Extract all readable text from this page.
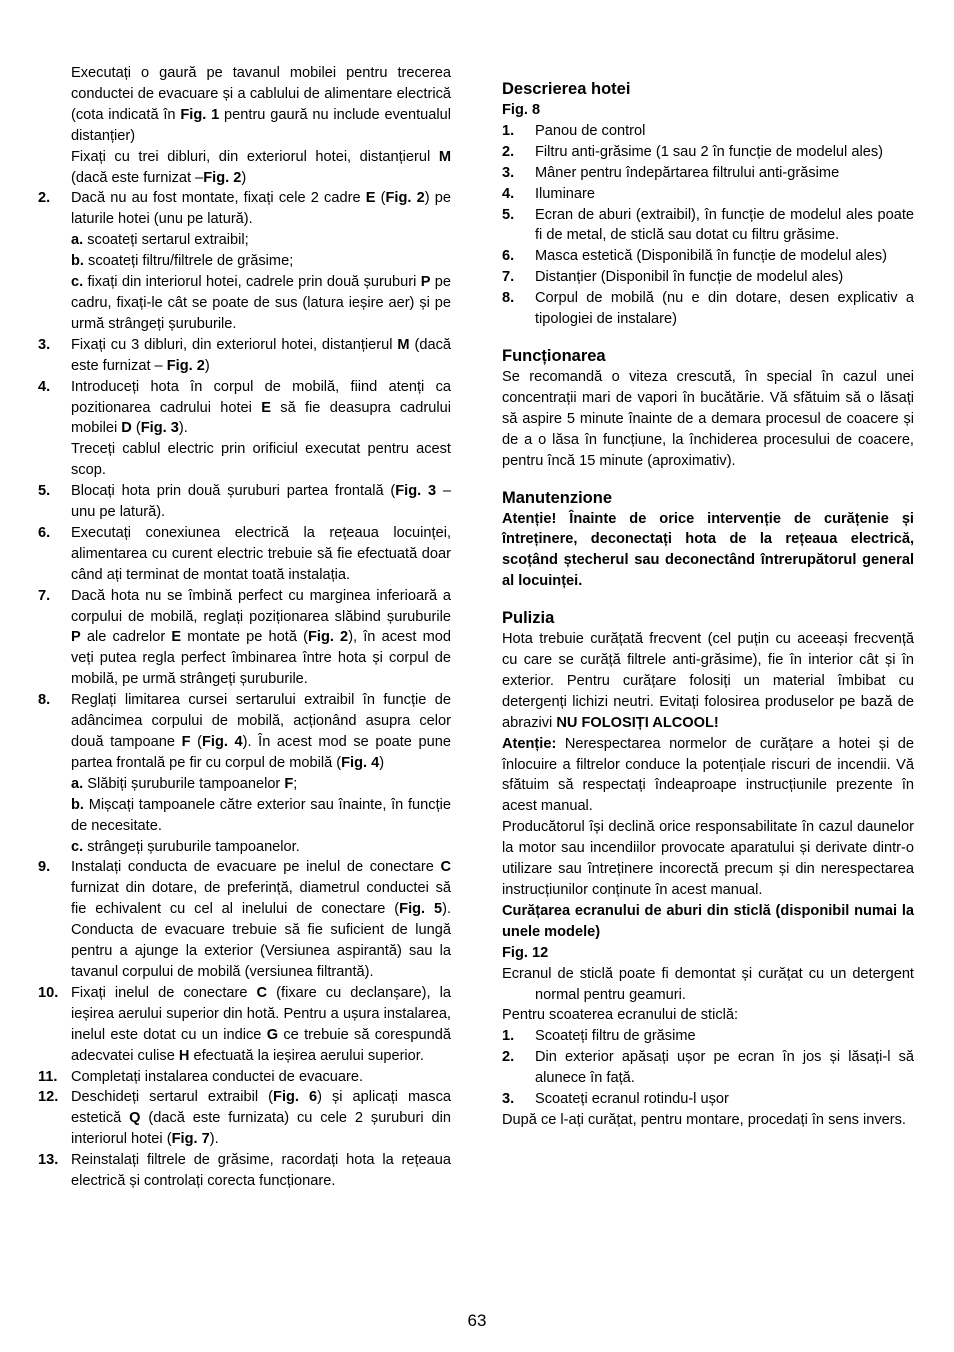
Executați o gaură pe tavanul mobilei pentru trecerea conductei de evacuare și a cablului de alimentare electrică (cota indicată în Fig. 1 pentru gaură nu include eventualul distanțier)
Fixați cu trei dibluri, din exteriorul hotei, distanțierul M (dacă este furnizat –Fig. 2)
2.	Dacă nu au fost montate, fixați cele 2 cadre E (Fig. 2) pe laturile hotei (unu pe latură).
a. scoateți sertarul extraibil;
b. scoateți filtru/filtrele de grăsime;
c. fixați din interiorul hotei, cadrele prin două șuruburi P pe cadru, fixați-le cât se poate de sus (latura ieșire aer) și pe urmă strângeți șuruburile.
3.	Fixați cu 3 dibluri, din exteriorul hotei, distanțierul M (dacă este furnizat – Fig. 2)
4.	Introduceți hota în corpul de mobilă, fiind atenți ca pozitionarea cadrului hotei E să fie deasupra cadrului mobilei D (Fig. 3).
Treceți cablul electric prin orificiul executat pentru acest scop.
5.	Blocați hota prin două șuruburi partea frontală (Fig. 3 – unu pe latură).
6.	Executați conexiunea electrică la rețeaua locuinței, alimentarea cu curent electric trebuie să fie efectuată doar când ați terminat de montat toată instalația.
7.	Dacă hota nu se îmbină perfect cu marginea inferioară a corpului de mobilă, reglați poziționarea slăbind șuruburile P ale cadrelor E montate pe hotă (Fig. 2), în acest mod veți putea regla perfect îmbinarea între hota și corpul de mobilă, pe urmă strângeți șuruburile.
8.	Reglați limitarea cursei sertarului extraibil în funcție de adâncimea corpului de mobilă, acționând asupra celor două tampoane F (Fig. 4). În acest mod se poate pune partea frontală pe fir cu corpul de mobilă (Fig. 4)
a. Slăbiți șuruburile tampoanelor F;
b. Mișcați tampoanele către exterior sau înainte, în funcție de necesitate.
c. strângeți șuruburile tampoanelor.
9.	Instalați conducta de evacuare pe inelul de conectare C furnizat din dotare, de preferință, diametrul conductei să fie echivalent cu cel al inelului de conectare (Fig. 5). Conducta de evacuare trebuie să fie suficient de lungă pentru a ajunge la exterior (Versiunea aspirantă) sau la tavanul corpului de mobilă (versiunea filtrantă).
10. Fixați inelul de conectare C (fixare cu declanșare), la ieșirea aerului superior din hotă. Pentru a ușura instalarea, inelul este dotat cu un indice G ce trebuie să corespundă adecvatei culise H efectuată la ieșirea aerului superior.
11. Completați instalarea conductei de evacuare.
12. Deschideți sertarul extraibil (Fig. 6) și aplicați masca estetică Q (dacă este furnizata) cu cele 2 șuruburi din interiorul hotei (Fig. 7).
13. Reinstalați filtrele de grăsime, racordați hota la rețeaua electrică și controlați corecta funcționare.
Descrierea hotei
Fig. 8
1.	Panou de control
2.	Filtru anti-grăsime (1 sau 2 în funcție de modelul ales)
3.	Mâner pentru îndepărtarea filtrului anti-grăsime
4.	Iluminare
5.	Ecran de aburi (extraibil), în funcție de modelul ales poate fi de metal, de sticlă sau dotat cu filtru grăsime.
6.	Masca estetică (Disponibilă în funcție de modelul ales)
7.	Distanțier (Disponibil în funcție de modelul ales)
8.	Corpul de mobilă (nu e din dotare, desen explicativ a tipologiei de instalare)
Funcționarea
Se recomandă o viteza crescută, în special în cazul unei concentrații mari de vapori în bucătărie. Vă sfătuim să o lăsați să aspire 5 minute înainte de a demara procesul de coacere și de a o lăsa în funcțiune, la închiderea procesului de coacere, pentru încă 15 minute (aproximativ).
Manutenzione
Atenție! Înainte de orice intervenție de curățenie și întreținere, deconectați hota de la rețeaua electrică, scoțând ștecherul sau deconectând întrerupătorul general al locuinței.
Pulizia
Hota trebuie curățată frecvent (cel puțin cu aceeași frecvență cu care se curăță filtrele anti-grăsime), fie în interior cât și în exterior. Pentru curățare folosiți un material îmbibat cu detergenți lichizi neutri. Evitați folosirea produselor pe bază de abrazivi NU FOLOSIȚI ALCOOL!
Atenție: Nerespectarea normelor de curățare a hotei și de înlocuire a filtrelor conduce la potențiale riscuri de incendii. Vă sfătuim să respectați îndeaproape instrucțiunile prezente în acest manual.
Producătorul își declină orice responsabilitate în cazul daunelor la motor sau incendiilor provocate aparatului și derivate dintr-o utilizare sau întreținere incorectă precum și din nerespectarea instrucțiunilor conținute în acest manual.
Curățarea ecranului de aburi din sticlă (disponibil numai la unele modele)
Fig. 12
Ecranul de sticlă poate fi demontat și curățat cu un detergent normal pentru geamuri.
Pentru scoaterea ecranului de sticlă:
1.	Scoateți filtru de grăsime
2.	Din exterior apăsați ușor pe ecran în jos și lăsați-l să alunece în față.
3.	Scoateți ecranul rotindu-l ușor
După ce l-ați curățat, pentru montare, procedați în sens invers.
63
